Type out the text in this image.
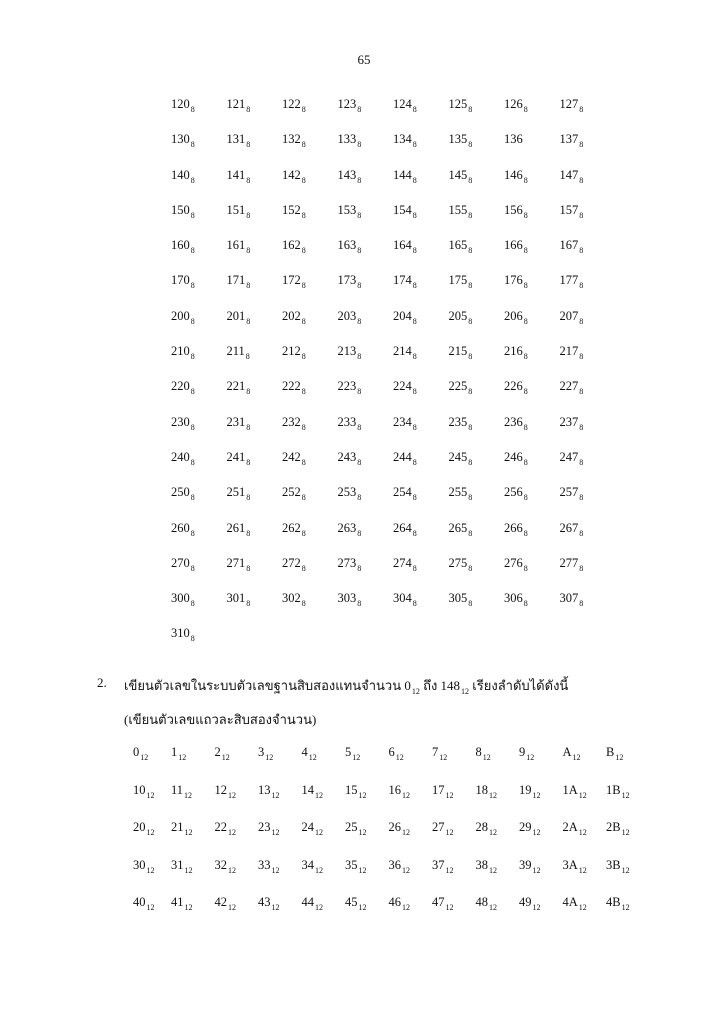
65
$120_8$	$121_8$	$122_8$	$123_8$	$124_8$	$125_8$	$126_8$	$127_8$
$130_8$	$131_8$	$132_8$	$133_8$	$134_8$	$135_8$	136	$137_8$
$140_8$	$141_8$	$142_8$	$143_8$	$144_8$	$145_8$	$146_8$	$147_8$
$150_8$	$151_8$	$152_8$	$153_8$	$154_8$	$155_8$	$156_8$	$157_8$
$160_8$	$161_8$	$162_8$	$163_8$	$164_8$	$165_8$	$166_8$	$167_8$
$170_8$	$171_8$	$172_8$	$173_8$	$174_8$	$175_8$	$176_8$	$177_8$
$200_8$	$201_8$	$202_8$	$203_8$	$204_8$	$205_8$	$206_8$	$207_8$
$210_8$	$211_8$	$212_8$	$213_8$	$214_8$	$215_8$	$216_8$	$217_8$
$220_8$	$221_8$	$222_8$	$223_8$	$224_8$	$225_8$	$226_8$	$227_8$
$230_8$	$231_8$	$232_8$	$233_8$	$234_8$	$235_8$	$236_8$	$237_8$
$240_8$	$241_8$	$242_8$	$243_8$	$244_8$	$245_8$	$246_8$	$247_8$
$250_8$	$251_8$	$252_8$	$253_8$	$254_8$	$255_8$	$256_8$	$257_8$
$260_8$	$261_8$	$262_8$	$263_8$	$264_8$	$265_8$	$266_8$	$267_8$
$270_8$	$271_8$	$272_8$	$273_8$	$274_8$	$275_8$	$276_8$	$277_8$
$300_8$	$301_8$	$302_8$	$303_8$	$304_8$	$305_8$	$306_8$	$307_8$
$310_8$
2. เขียนตัวเลขในระบบตัวเลขฐานสิบสองแทนจำนวน $0_{12}$ ถึง $148_{12}$ เรียงลำดับได้ดังนี้
(เขียนตัวเลขแถวละสิบสองจำนวน)
$0_{12}$	$1_{12}$	$2_{12}$	$3_{12}$	$4_{12}$	$5_{12}$	$6_{12}$	$7_{12}$	$8_{12}$	$9_{12}$	$A_{12}$	$B_{12}$
$10_{12}$	$11_{12}$	$12_{12}$	$13_{12}$	$14_{12}$	$15_{12}$	$16_{12}$	$17_{12}$	$18_{12}$	$19_{12}$	$1A_{12}$	$1B_{12}$
$20_{12}$	$21_{12}$	$22_{12}$	$23_{12}$	$24_{12}$	$25_{12}$	$26_{12}$	$27_{12}$	$28_{12}$	$29_{12}$	$2A_{12}$	$2B_{12}$
$30_{12}$	$31_{12}$	$32_{12}$	$33_{12}$	$34_{12}$	$35_{12}$	$36_{12}$	$37_{12}$	$38_{12}$	$39_{12}$	$3A_{12}$	$3B_{12}$
$40_{12}$	$41_{12}$	$42_{12}$	$43_{12}$	$44_{12}$	$45_{12}$	$46_{12}$	$47_{12}$	$48_{12}$	$49_{12}$	$4A_{12}$	$4B_{12}$
